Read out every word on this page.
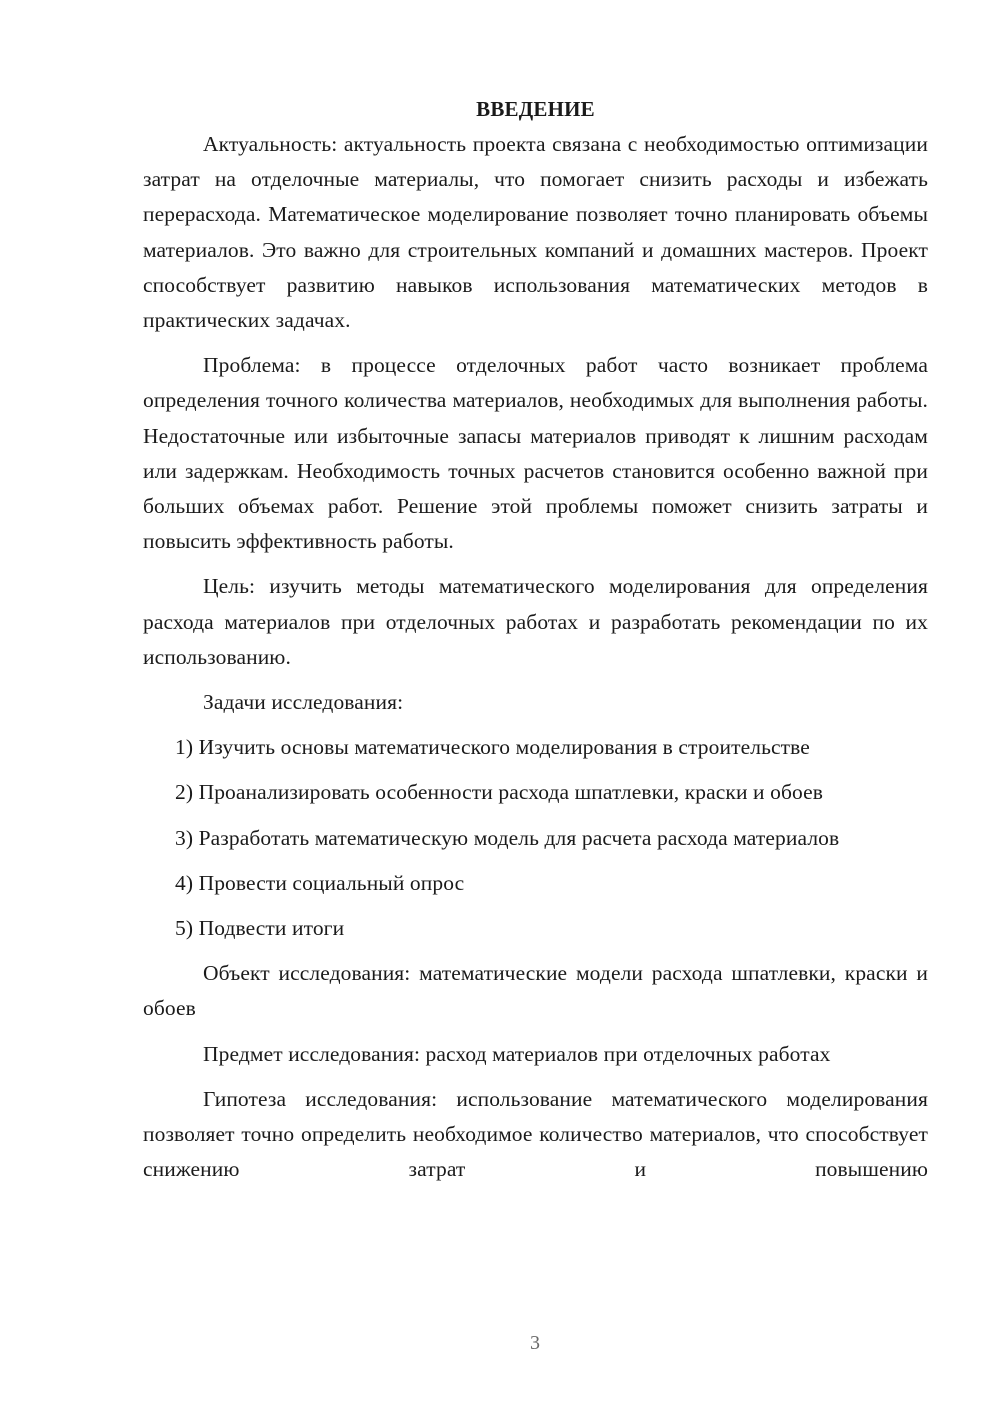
ВВЕДЕНИЕ

Актуальность: актуальность проекта связана с необходимостью оптимизации затрат на отделочные материалы, что помогает снизить расходы и избежать перерасхода. Математическое моделирование позволяет точно планировать объемы материалов. Это важно для строительных компаний и домашних мастеров. Проект способствует развитию навыков использования математических методов в практических задачах.

Проблема: в процессе отделочных работ часто возникает проблема определения точного количества материалов, необходимых для выполнения работы. Недостаточные или избыточные запасы материалов приводят к лишним расходам или задержкам. Необходимость точных расчетов становится особенно важной при больших объемах работ. Решение этой проблемы поможет снизить затраты и повысить эффективность работы.

Цель: изучить методы математического моделирования для определения расхода материалов при отделочных работах и разработать рекомендации по их использованию.

Задачи исследования:

1) Изучить основы математического моделирования в строительстве

2) Проанализировать особенности расхода шпатлевки, краски и обоев

3) Разработать математическую модель для расчета расхода материалов

4) Провести социальный опрос

5) Подвести итоги

Объект исследования: математические модели расхода шпатлевки, краски и обоев

Предмет исследования: расход материалов при отделочных работах

Гипотеза исследования: использование математического моделирования позволяет точно определить необходимое количество материалов, что способствует снижению затрат и повышению

3
